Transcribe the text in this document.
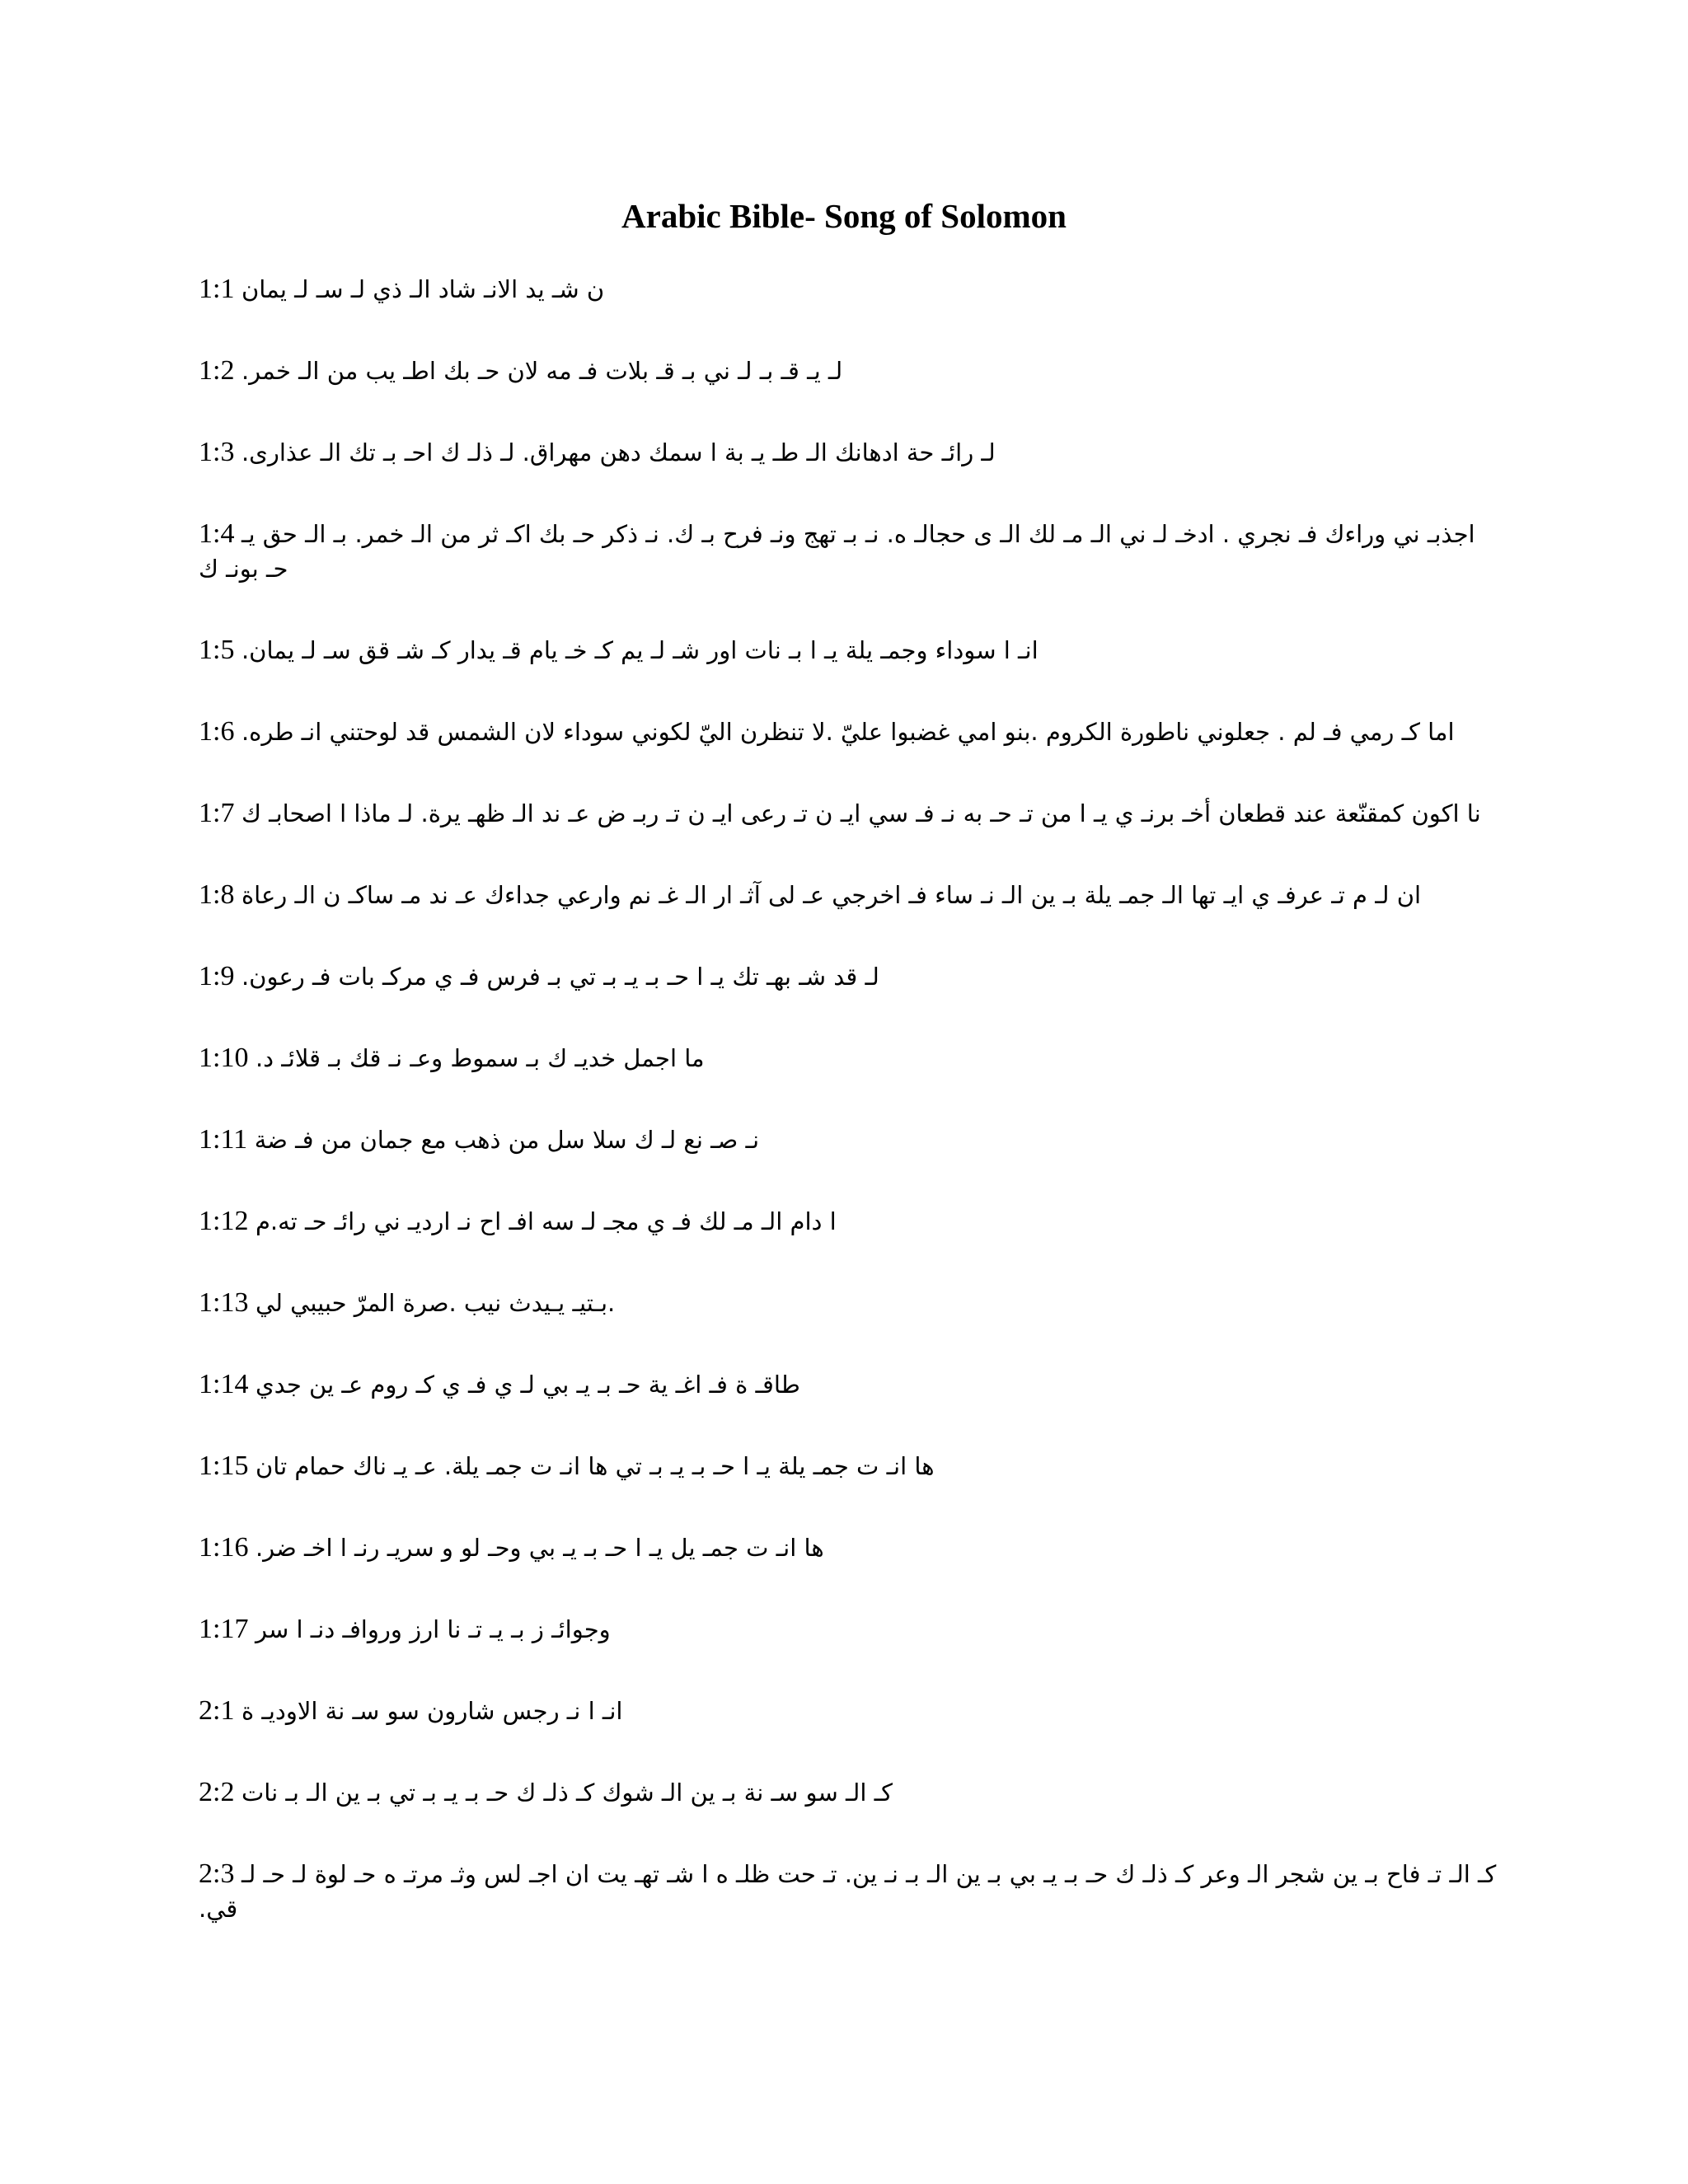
Arabic Bible- Song of Solomon
1:1 ن شـ يد الانـ شاد الـ ذي لـ سـ لـ يمان
1:2 لـ يـ قـ بـ لـ ني بـ قـ بلات فـ مه لان حـ بك اطـ يب من الـ خمر.
1:3 لـ رائـ حة ادهانك الـ طـ يـ بة ا سمك دهن مهراق. لـ ذلـ ك احـ بـ تك الـ عذارى.
1:4 اجذبـ ني وراءك فـ نجري . ادخـ لـ ني الـ مـ لك الـ ى حجالـ ه. نـ بـ تهج ونـ فرح بـ ك. نـ ذكر حـ بك اكـ ثر من الـ خمر. بـ الـ حق يـ حـ بونـ ك
1:5 انـ ا سوداء وجمـ يلة يـ ا بـ نات اور شـ لـ يم كـ خـ يام قـ يدار كـ شـ قق سـ لـ يمان.
1:6 اما كـ رمي فـ لم . جعلوني ناطورة الكروم .بنو امي غضبوا عليّ .لا تنظرن اليّ لكوني سوداء لان الشمس قد لوحتني انـ طره.
1:7 نا اكون كمقنّعة عند قطعان أخـ برنـ ي يـ ا من تـ حـ به نـ فـ سي ايـ ن تـ رعى ايـ ن تـ ربـ ض عـ ند الـ ظهـ يرة. لـ ماذا ا اصحابـ ك
1:8 ان لـ م تـ عرفـ ي ايـ تها الـ جمـ يلة بـ ين الـ نـ ساء فـ اخرجي عـ لى آثـ ار الـ غـ نم وارعي جداءك عـ ند مـ ساكـ ن الـ رعاة
1:9 لـ قد شـ بهـ تك يـ ا حـ بـ يـ بـ تي بـ فرس فـ ي مركـ بات فـ رعون.
1:10 ما اجمل خديـ ك بـ سموط وعـ نـ قك بـ قلائـ د.
1:11 نـ صـ نع لـ ك سلا سل من ذهب مع جمان من فـ ضة
1:12 ا دام الـ مـ لك فـ ي مجـ لـ سه افـ اح نـ ارديـ ني رائـ حـ ته.م
1:13 .بـتيـ يـيدث نيب .صرة المرّ حبيبي لي
1:14 طاقـ ة فـ اغـ ية حـ بـ يـ بي لـ ي فـ ي كـ روم عـ ين جدي
1:15 ها انـ ت جمـ يلة يـ ا حـ بـ يـ بـ تي ها انـ ت جمـ يلة. عـ يـ ناك حمام تان
1:16 ها انـ ت جمـ يل يـ ا حـ بـ يـ بي وحـ لو و سريـ رنـ ا اخـ ضر.
1:17 وجوائـ ز بـ يـ تـ نا ارز وروافـ دنـ ا سر
2:1 انـ ا نـ رجس شارون سو سـ نة الاوديـ ة
2:2 كـ الـ سو سـ نة بـ ين الـ شوك كـ ذلـ ك حـ بـ يـ بـ تي بـ ين الـ بـ نات
2:3 كـ الـ تـ فاح بـ ين شجر الـ وعر كـ ذلـ ك حـ بـ يـ بي بـ ين الـ بـ نـ ين. تـ حت ظلـ ه ا شـ تهـ يت ان اجـ لس وثـ مرتـ ه حـ لوة لـ حـ لـ قي.
